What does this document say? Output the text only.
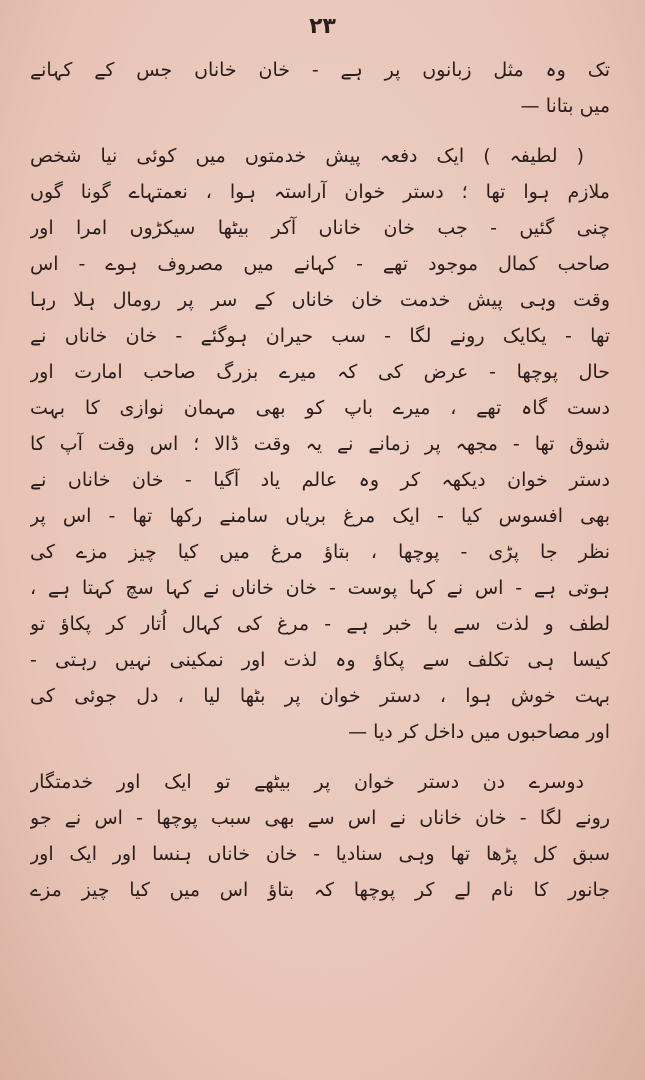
۲۳
تک وہ مثل زبانوں پر ہے - خان خاناں جس کے کہانے
میں بتانا —
( لطیفہ ) ایک دفعہ پیش خدمتوں میں کوئی نیا شخص
ملازم ہوا تھا ؛ دستر خوان آراستہ ہوا ، نعمتہاے گونا گوں
چنی گئیں - جب خان خاناں آکر بیٹھا سیکڑوں امرا اور
صاحب کمال موجود تھے - کہانے میں مصروف ہوے - اس
وقت وہی پیش خدمت خان خاناں کے سر پر رومال ہلا رہا
تھا - یکایک رونے لگا - سب حیران ہوگئے - خان خاناں نے
حال پوچھا - عرض کی کہ میرے بزرگ صاحب امارت اور
دست گاہ تھے ، میرے باپ کو بھی مہمان نوازی کا بہت
شوق تھا - مجھہ پر زمانے نے یہ وقت ڈالا ؛ اس وقت آپ کا
دستر خوان دیکھہ کر وہ عالم یاد آگیا - خان خاناں نے
بھی افسوس کیا - ایک مرغ بریاں سامنے رکھا تھا - اس پر
نظر جا پڑی - پوچھا ، بتاؤ مرغ میں کیا چیز مزے کی
ہوتی ہے - اس نے کہا پوست - خان خاناں نے کہا سچ کہتا ہے ،
لطف و لذت سے با خبر ہے - مرغ کی کہال اُتار کر پکاؤ تو
کیسا ہی تکلف سے پکاؤ وہ لذت اور نمکینی نہیں رہتی -
بہت خوش ہوا ، دستر خوان پر بٹھا لیا ، دل جوئی کی
اور مصاحبوں میں داخل کر دیا —
دوسرے دن دستر خوان پر بیٹھے تو ایک اور خدمتگار
رونے لگا - خان خاناں نے اس سے بھی سبب پوچھا - اس نے جو
سبق کل پڑھا تھا وہی سنادیا - خان خاناں ہنسا اور ایک اور
جانور کا نام لے کر پوچھا کہ بتاؤ اس میں کیا چیز مزے
